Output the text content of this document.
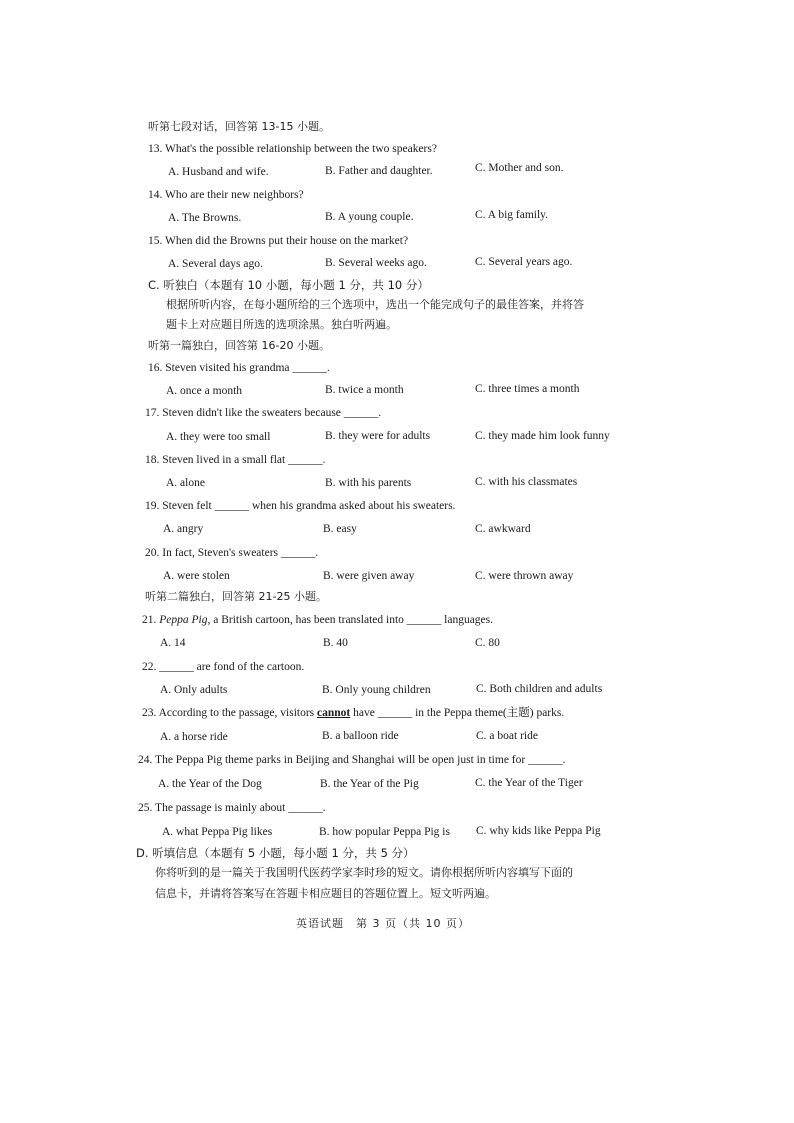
听第七段对话，回答第 13-15 小题。
13. What's the possible relationship between the two speakers?
A. Husband and wife.	B. Father and daughter.	C. Mother and son.
14. Who are their new neighbors?
A. The Browns.	B. A young couple.	C. A big family.
15. When did the Browns put their house on the market?
A. Several days ago.	B. Several weeks ago.	C. Several years ago.
C. 听独白（本题有 10 小题，每小题 1 分，共 10 分）
根据所听内容，在每小题所给的三个选项中，选出一个能完成句子的最佳答案，并将答
题卡上对应题目所选的选项涂黑。独白听两遍。
听第一篇独白，回答第 16-20 小题。
16. Steven visited his grandma ______.
A. once a month	B. twice a month	C. three times a month
17. Steven didn't like the sweaters because ______.
A. they were too small	B. they were for adults	C. they made him look funny
18. Steven lived in a small flat ______.
A. alone	B. with his parents	C. with his classmates
19. Steven felt ______ when his grandma asked about his sweaters.
A. angry	B. easy	C. awkward
20. In fact, Steven's sweaters ______.
A. were stolen	B. were given away	C. were thrown away
听第二篇独白，回答第 21-25 小题。
21. Peppa Pig, a British cartoon, has been translated into ______ languages.
A. 14	B. 40	C. 80
22. ______ are fond of the cartoon.
A. Only adults	B. Only young children	C. Both children and adults
23. According to the passage, visitors cannot have ______ in the Peppa theme(主题) parks.
A. a horse ride	B. a balloon ride	C. a boat ride
24. The Peppa Pig theme parks in Beijing and Shanghai will be open just in time for ______.
A. the Year of the Dog	B. the Year of the Pig	C. the Year of the Tiger
25. The passage is mainly about ______.
A. what Peppa Pig likes	B. how popular Peppa Pig is C. why kids like Peppa Pig
D. 听填信息（本题有 5 小题，每小题 1 分，共 5 分）
你将听到的是一篇关于我国明代医药学家李时珍的短文。请你根据所听内容填写下面的
信息卡，并请将答案写在答题卡相应题目的答题位置上。短文听两遍。
英语试题　第 3 页（共 10 页）
